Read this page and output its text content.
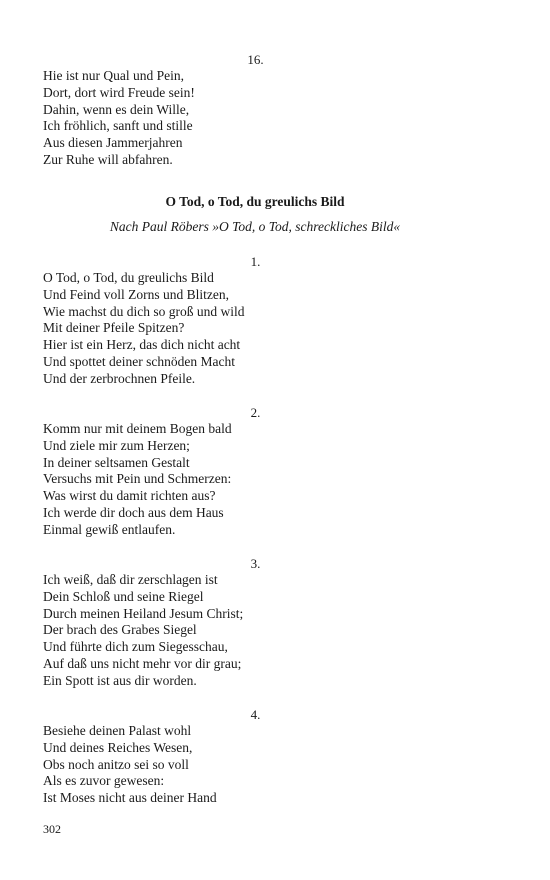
16.
Hie ist nur Qual und Pein,
Dort, dort wird Freude sein!
Dahin, wenn es dein Wille,
Ich fröhlich, sanft und stille
Aus diesen Jammerjahren
Zur Ruhe will abfahren.
O Tod, o Tod, du greulichs Bild
Nach Paul Röbers »O Tod, o Tod, schreckliches Bild«
1.
O Tod, o Tod, du greulichs Bild
Und Feind voll Zorns und Blitzen,
Wie machst du dich so groß und wild
Mit deiner Pfeile Spitzen?
Hier ist ein Herz, das dich nicht acht
Und spottet deiner schnöden Macht
Und der zerbrochnen Pfeile.
2.
Komm nur mit deinem Bogen bald
Und ziele mir zum Herzen;
In deiner seltsamen Gestalt
Versuchs mit Pein und Schmerzen:
Was wirst du damit richten aus?
Ich werde dir doch aus dem Haus
Einmal gewiß entlaufen.
3.
Ich weiß, daß dir zerschlagen ist
Dein Schloß und seine Riegel
Durch meinen Heiland Jesum Christ;
Der brach des Grabes Siegel
Und führte dich zum Siegesschau,
Auf daß uns nicht mehr vor dir grau;
Ein Spott ist aus dir worden.
4.
Besiehe deinen Palast wohl
Und deines Reiches Wesen,
Obs noch anitzo sei so voll
Als es zuvor gewesen:
Ist Moses nicht aus deiner Hand
302
